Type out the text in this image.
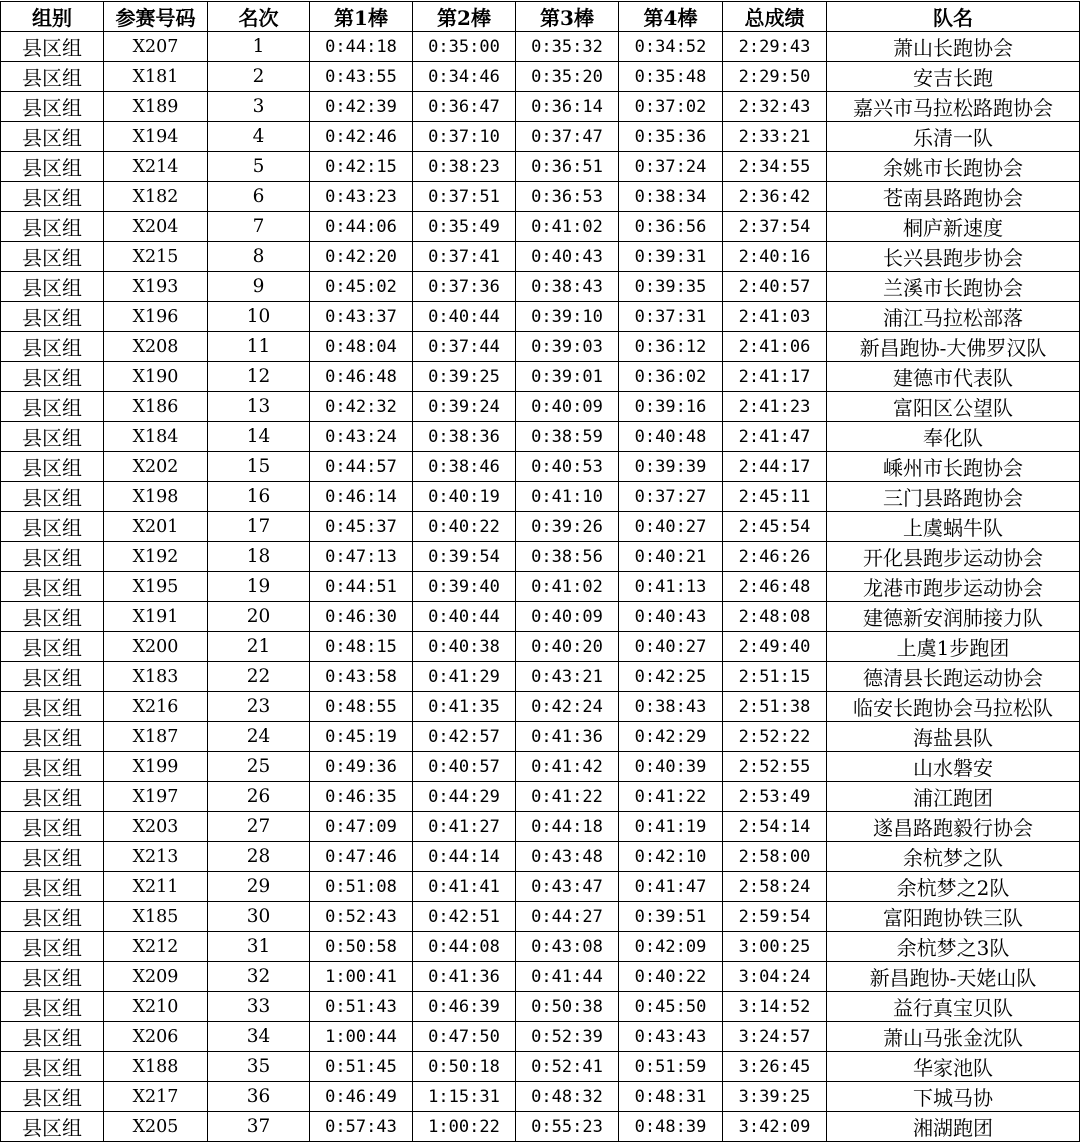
组别	参赛号码	名次	第1棒	第2棒	第3棒	第4棒	总成绩	队名
县区组	X207	1	0:44:18	0:35:00	0:35:32	0:34:52	2:29:43	萧山长跑协会
县区组	X181	2	0:43:55	0:34:46	0:35:20	0:35:48	2:29:50	安吉长跑
县区组	X189	3	0:42:39	0:36:47	0:36:14	0:37:02	2:32:43	嘉兴市马拉松路跑协会
县区组	X194	4	0:42:46	0:37:10	0:37:47	0:35:36	2:33:21	乐清一队
县区组	X214	5	0:42:15	0:38:23	0:36:51	0:37:24	2:34:55	余姚市长跑协会
县区组	X182	6	0:43:23	0:37:51	0:36:53	0:38:34	2:36:42	苍南县路跑协会
县区组	X204	7	0:44:06	0:35:49	0:41:02	0:36:56	2:37:54	桐庐新速度
县区组	X215	8	0:42:20	0:37:41	0:40:43	0:39:31	2:40:16	长兴县跑步协会
县区组	X193	9	0:45:02	0:37:36	0:38:43	0:39:35	2:40:57	兰溪市长跑协会
县区组	X196	10	0:43:37	0:40:44	0:39:10	0:37:31	2:41:03	浦江马拉松部落
县区组	X208	11	0:48:04	0:37:44	0:39:03	0:36:12	2:41:06	新昌跑协-大佛罗汉队
县区组	X190	12	0:46:48	0:39:25	0:39:01	0:36:02	2:41:17	建德市代表队
县区组	X186	13	0:42:32	0:39:24	0:40:09	0:39:16	2:41:23	富阳区公望队
县区组	X184	14	0:43:24	0:38:36	0:38:59	0:40:48	2:41:47	奉化队
县区组	X202	15	0:44:57	0:38:46	0:40:53	0:39:39	2:44:17	嵊州市长跑协会
县区组	X198	16	0:46:14	0:40:19	0:41:10	0:37:27	2:45:11	三门县路跑协会
县区组	X201	17	0:45:37	0:40:22	0:39:26	0:40:27	2:45:54	上虞蜗牛队
县区组	X192	18	0:47:13	0:39:54	0:38:56	0:40:21	2:46:26	开化县跑步运动协会
县区组	X195	19	0:44:51	0:39:40	0:41:02	0:41:13	2:46:48	龙港市跑步运动协会
县区组	X191	20	0:46:30	0:40:44	0:40:09	0:40:43	2:48:08	建德新安润肺接力队
县区组	X200	21	0:48:15	0:40:38	0:40:20	0:40:27	2:49:40	上虞1步跑团
县区组	X183	22	0:43:58	0:41:29	0:43:21	0:42:25	2:51:15	德清县长跑运动协会
县区组	X216	23	0:48:55	0:41:35	0:42:24	0:38:43	2:51:38	临安长跑协会马拉松队
县区组	X187	24	0:45:19	0:42:57	0:41:36	0:42:29	2:52:22	海盐县队
县区组	X199	25	0:49:36	0:40:57	0:41:42	0:40:39	2:52:55	山水磐安
县区组	X197	26	0:46:35	0:44:29	0:41:22	0:41:22	2:53:49	浦江跑团
县区组	X203	27	0:47:09	0:41:27	0:44:18	0:41:19	2:54:14	遂昌路跑毅行协会
县区组	X213	28	0:47:46	0:44:14	0:43:48	0:42:10	2:58:00	余杭梦之队
县区组	X211	29	0:51:08	0:41:41	0:43:47	0:41:47	2:58:24	余杭梦之2队
县区组	X185	30	0:52:43	0:42:51	0:44:27	0:39:51	2:59:54	富阳跑协铁三队
县区组	X212	31	0:50:58	0:44:08	0:43:08	0:42:09	3:00:25	余杭梦之3队
县区组	X209	32	1:00:41	0:41:36	0:41:44	0:40:22	3:04:24	新昌跑协-天姥山队
县区组	X210	33	0:51:43	0:46:39	0:50:38	0:45:50	3:14:52	益行真宝贝队
县区组	X206	34	1:00:44	0:47:50	0:52:39	0:43:43	3:24:57	萧山马张金沈队
县区组	X188	35	0:51:45	0:50:18	0:52:41	0:51:59	3:26:45	华家池队
县区组	X217	36	0:46:49	1:15:31	0:48:32	0:48:31	3:39:25	下城马协
县区组	X205	37	0:57:43	1:00:22	0:55:23	0:48:39	3:42:09	湘湖跑团
